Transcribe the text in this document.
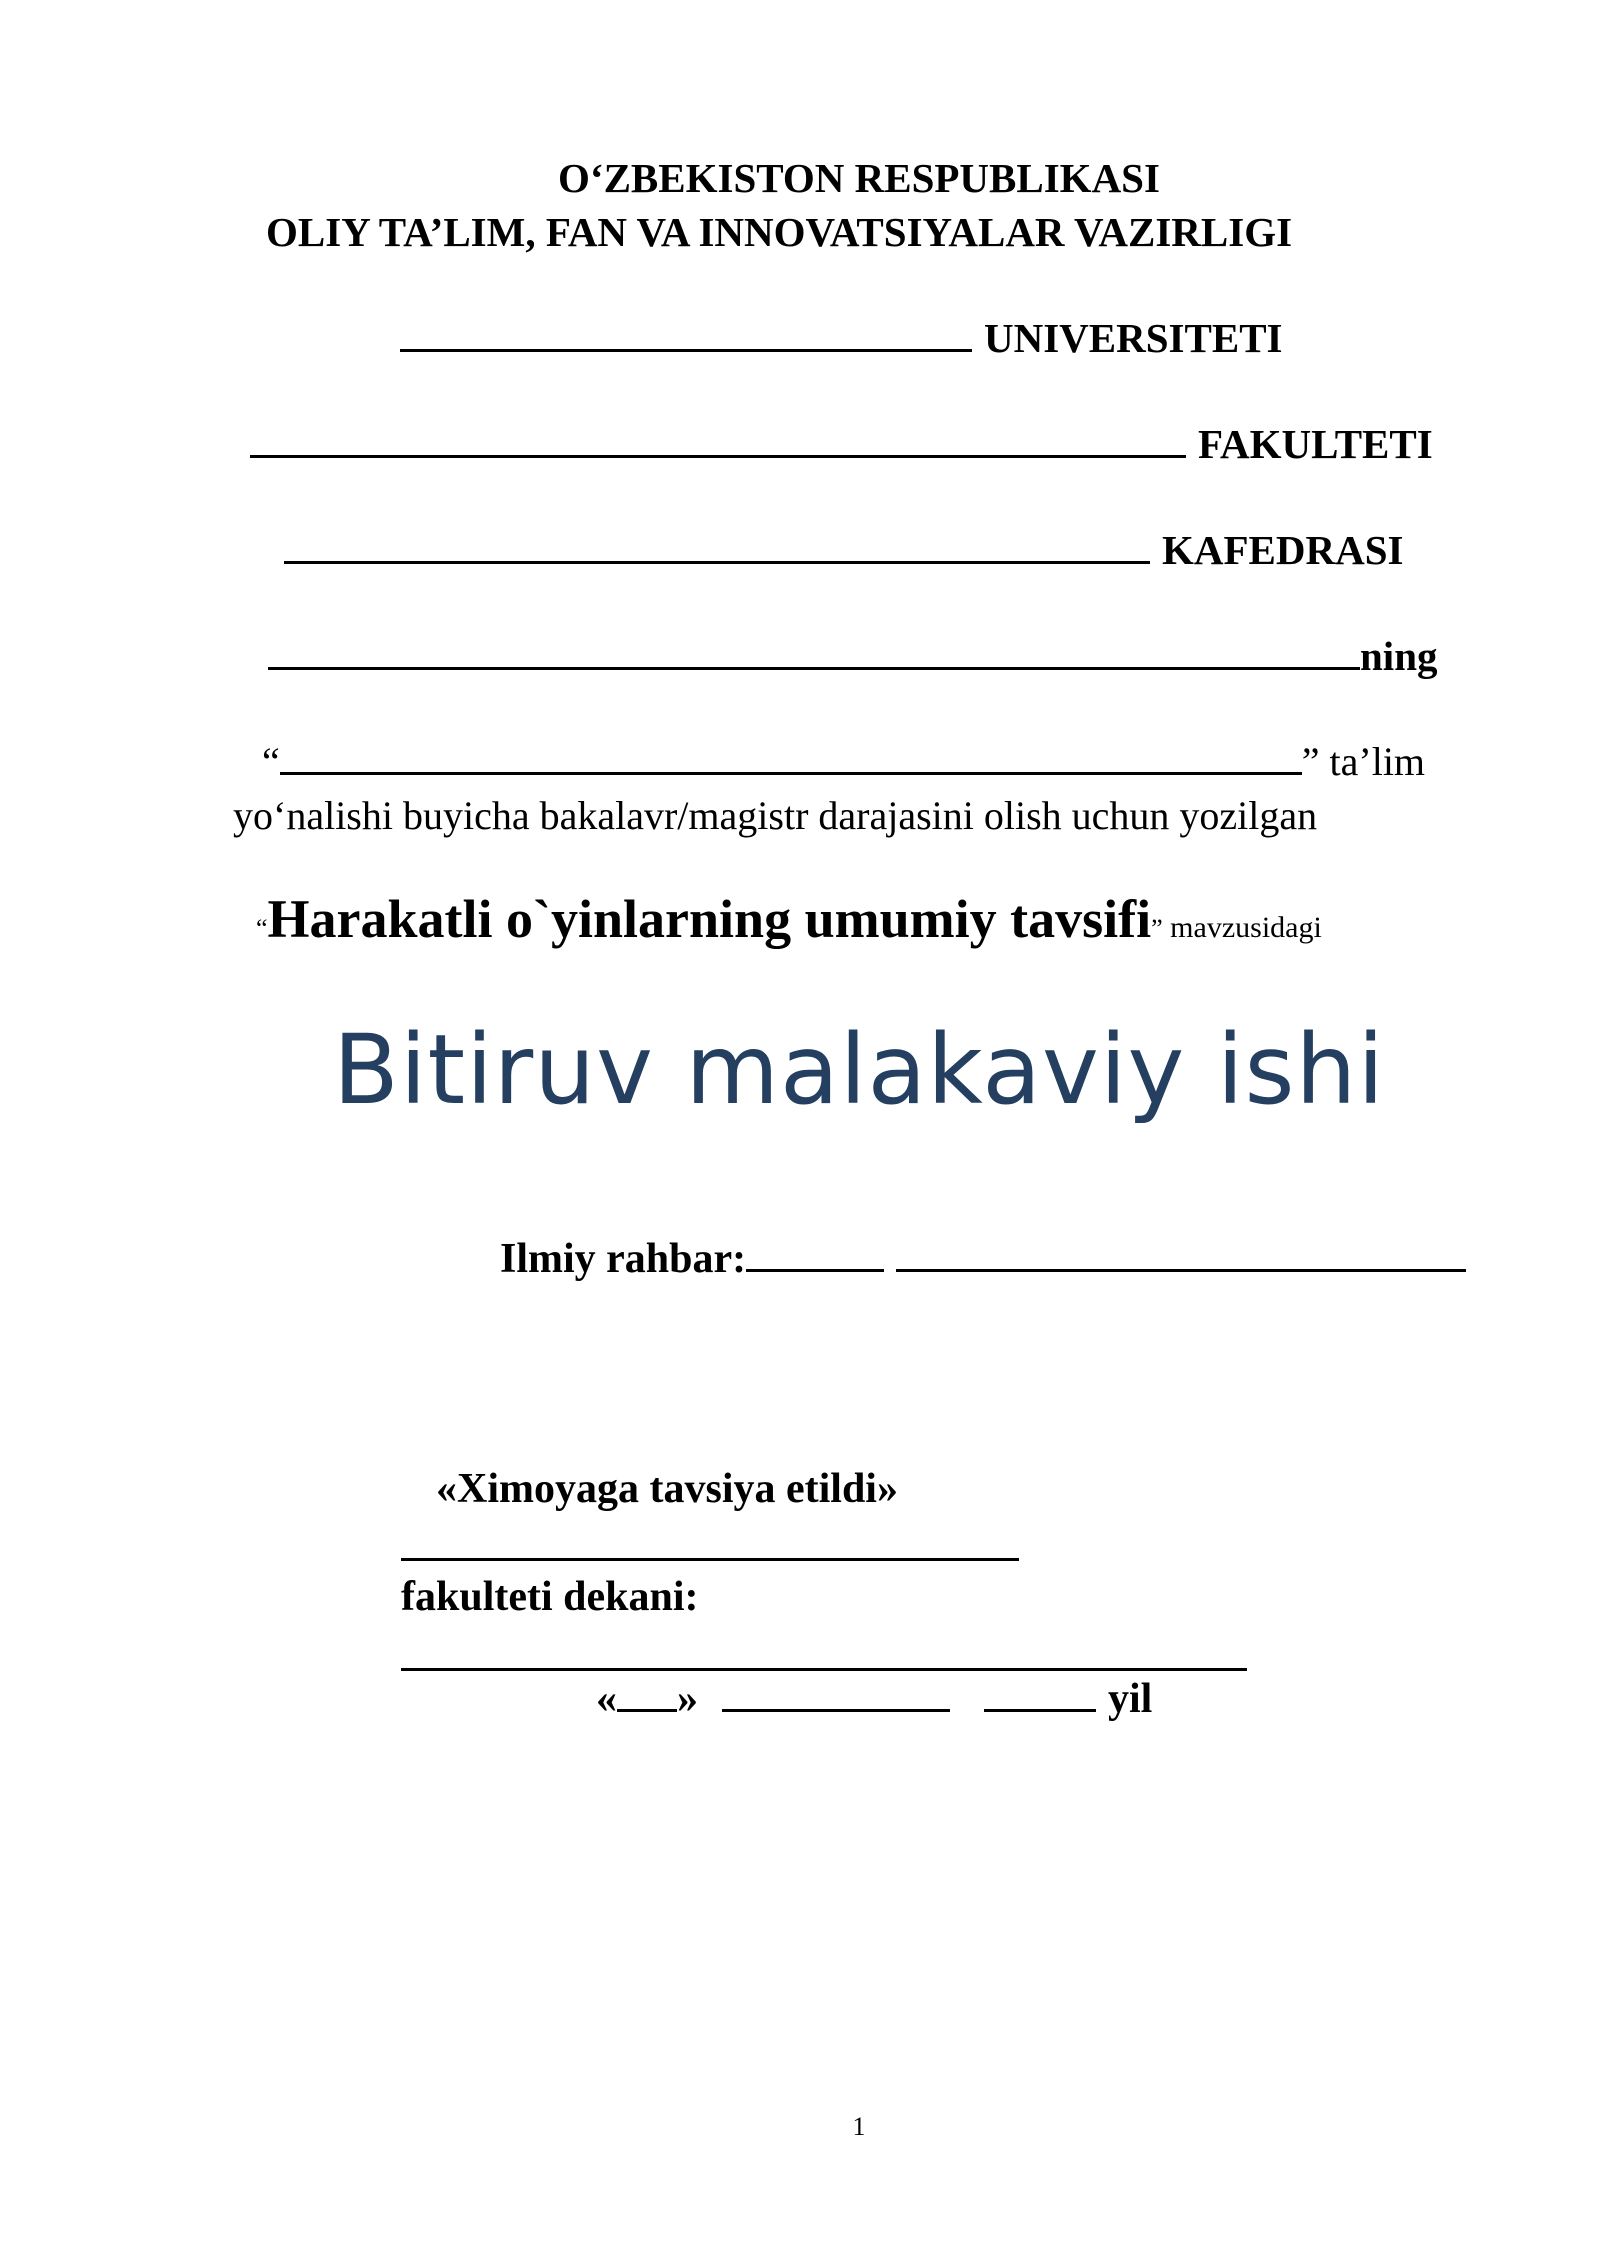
O‘ZBEKISTON RESPUBLIKASI
OLIY TA’LIM, FAN VA INNOVATSIYALAR VAZIRLIGI
UNIVERSITETI
FAKULTETI
KAFEDRASI
ning
“	” ta’lim
yo‘nalishi buyicha bakalavr/magistr darajasini olish uchun yozilgan
“Harakatli o`yinlarning umumiy tavsifi” mavzusidagi
Bitiruv malakaviy ishi
Ilmiy rahbar:
«Ximoyaga tavsiya etildi»
fakulteti dekani:
« »	yil
1
